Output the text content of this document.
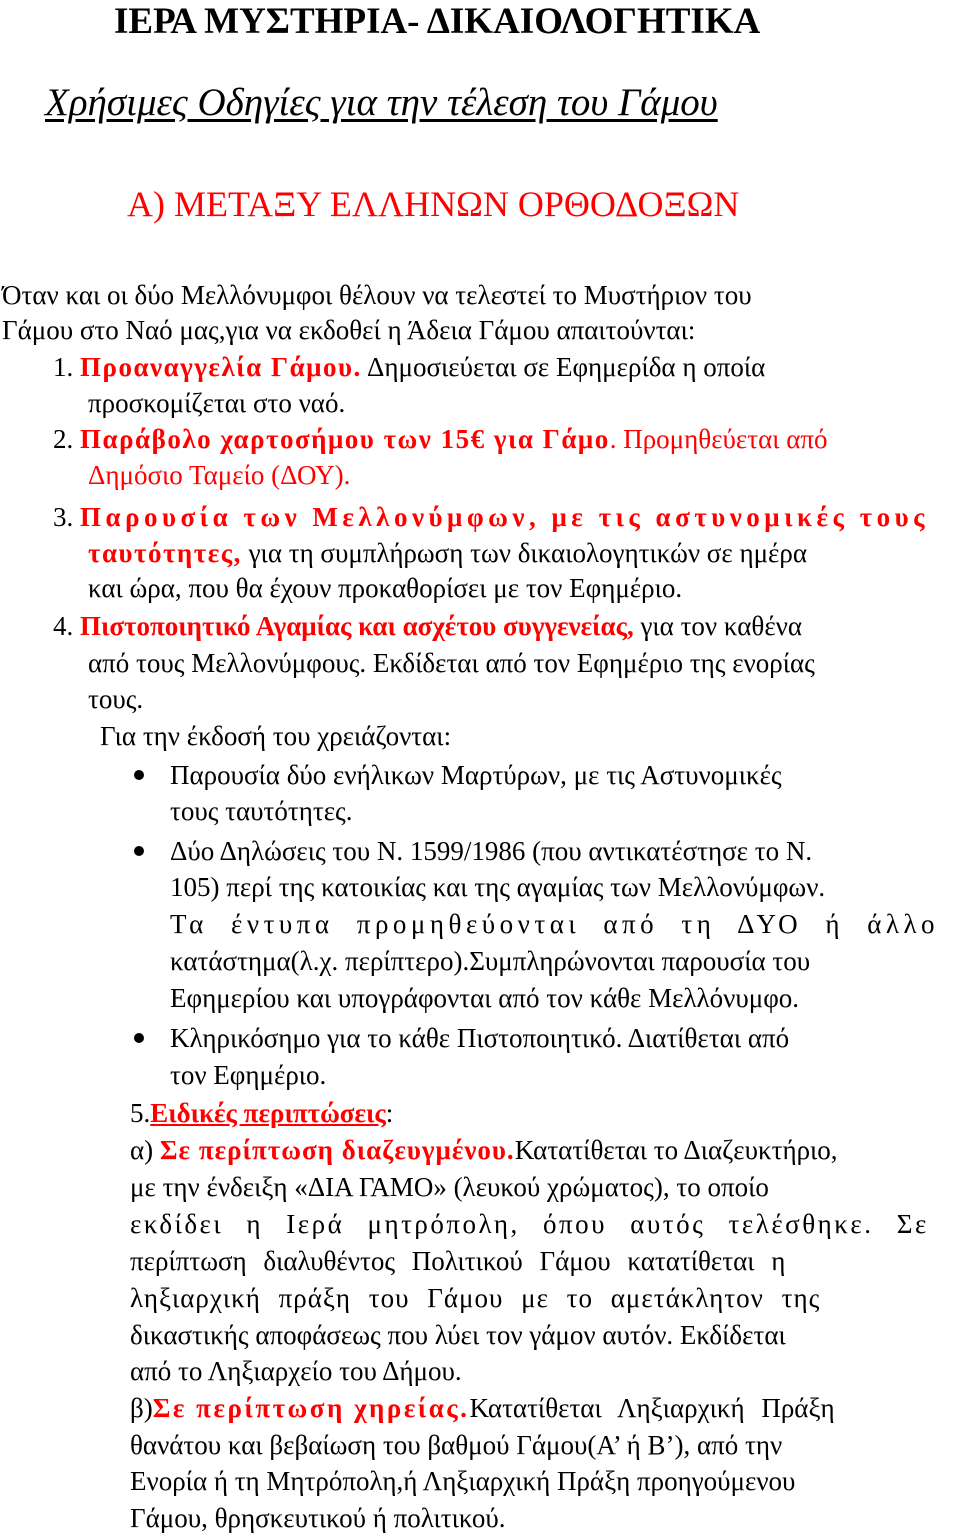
ΙΕΡΑ ΜΥΣΤΗΡΙΑ- ΔΙΚΑΙΟΛΟΓΗΤΙΚΑ
Χρήσιμες Οδηγίες για την τέλεση του Γάμου
Α) ΜΕΤΑΞΥ ΕΛΛΗΝΩΝ ΟΡΘΟΔΟΞΩΝ
Όταν και οι δύο Μελλόνυμφοι θέλουν να τελεστεί το Μυστήριον του
Γάμου στο Ναό μας,για να εκδοθεί η Άδεια Γάμου απαιτούνται:
1. Προαναγγελία Γάμου. Δημοσιεύεται σε Εφημερίδα η οποία
προσκομίζεται στο ναό.
2. Παράβολο χαρτοσήμου των 15€ για Γάμο. Προμηθεύεται από
Δημόσιο Ταμείο (ΔΟΥ).
3. Παρουσία των Μελλονύμφων, με τις αστυνομικές τους
ταυτότητες, για τη συμπλήρωση των δικαιολογητικών σε ημέρα
και ώρα, που θα έχουν προκαθορίσει με τον Εφημέριο.
4. Πιστοποιητικό Αγαμίας και ασχέτου συγγενείας, για τον καθένα
από τους Μελλονύμφους. Εκδίδεται από τον Εφημέριο της ενορίας
τους.
Για την έκδοσή του χρειάζονται:
Παρουσία δύο ενήλικων Μαρτύρων, με τις Αστυνομικές
τους ταυτότητες.
Δύο Δηλώσεις του Ν. 1599/1986 (που αντικατέστησε το Ν.
105) περί της κατοικίας και της αγαμίας των Μελλονύμφων.
Τα έντυπα προμηθεύονται από τη ΔΥΟ ή άλλο
κατάστημα(λ.χ. περίπτερο).Συμπληρώνονται παρουσία του
Εφημερίου και υπογράφονται από τον κάθε Μελλόνυμφο.
Κληρικόσημο για το κάθε Πιστοποιητικό. Διατίθεται από
τον Εφημέριο.
5.Ειδικές περιπτώσεις:
α) Σε περίπτωση διαζευγμένου.Κατατίθεται το Διαζευκτήριο,
με την ένδειξη «ΔΙΑ ΓΑΜΟ» (λευκού χρώματος), το οποίο
εκδίδει η Ιερά μητρόπολη, όπου αυτός τελέσθηκε. Σε
περίπτωση διαλυθέντος Πολιτικού Γάμου κατατίθεται η
ληξιαρχική πράξη του Γάμου με το αμετάκλητον της
δικαστικής αποφάσεως που λύει τον γάμον αυτόν. Εκδίδεται
από το Ληξιαρχείο του Δήμου.
β)Σε περίπτωση χηρείας.Κατατίθεται Ληξιαρχική Πράξη
θανάτου και βεβαίωση του βαθμού Γάμου(Α’ ή Β’), από την
Ενορία ή τη Μητρόπολη,ή Ληξιαρχική Πράξη προηγούμενου
Γάμου, θρησκευτικού ή πολιτικού.
